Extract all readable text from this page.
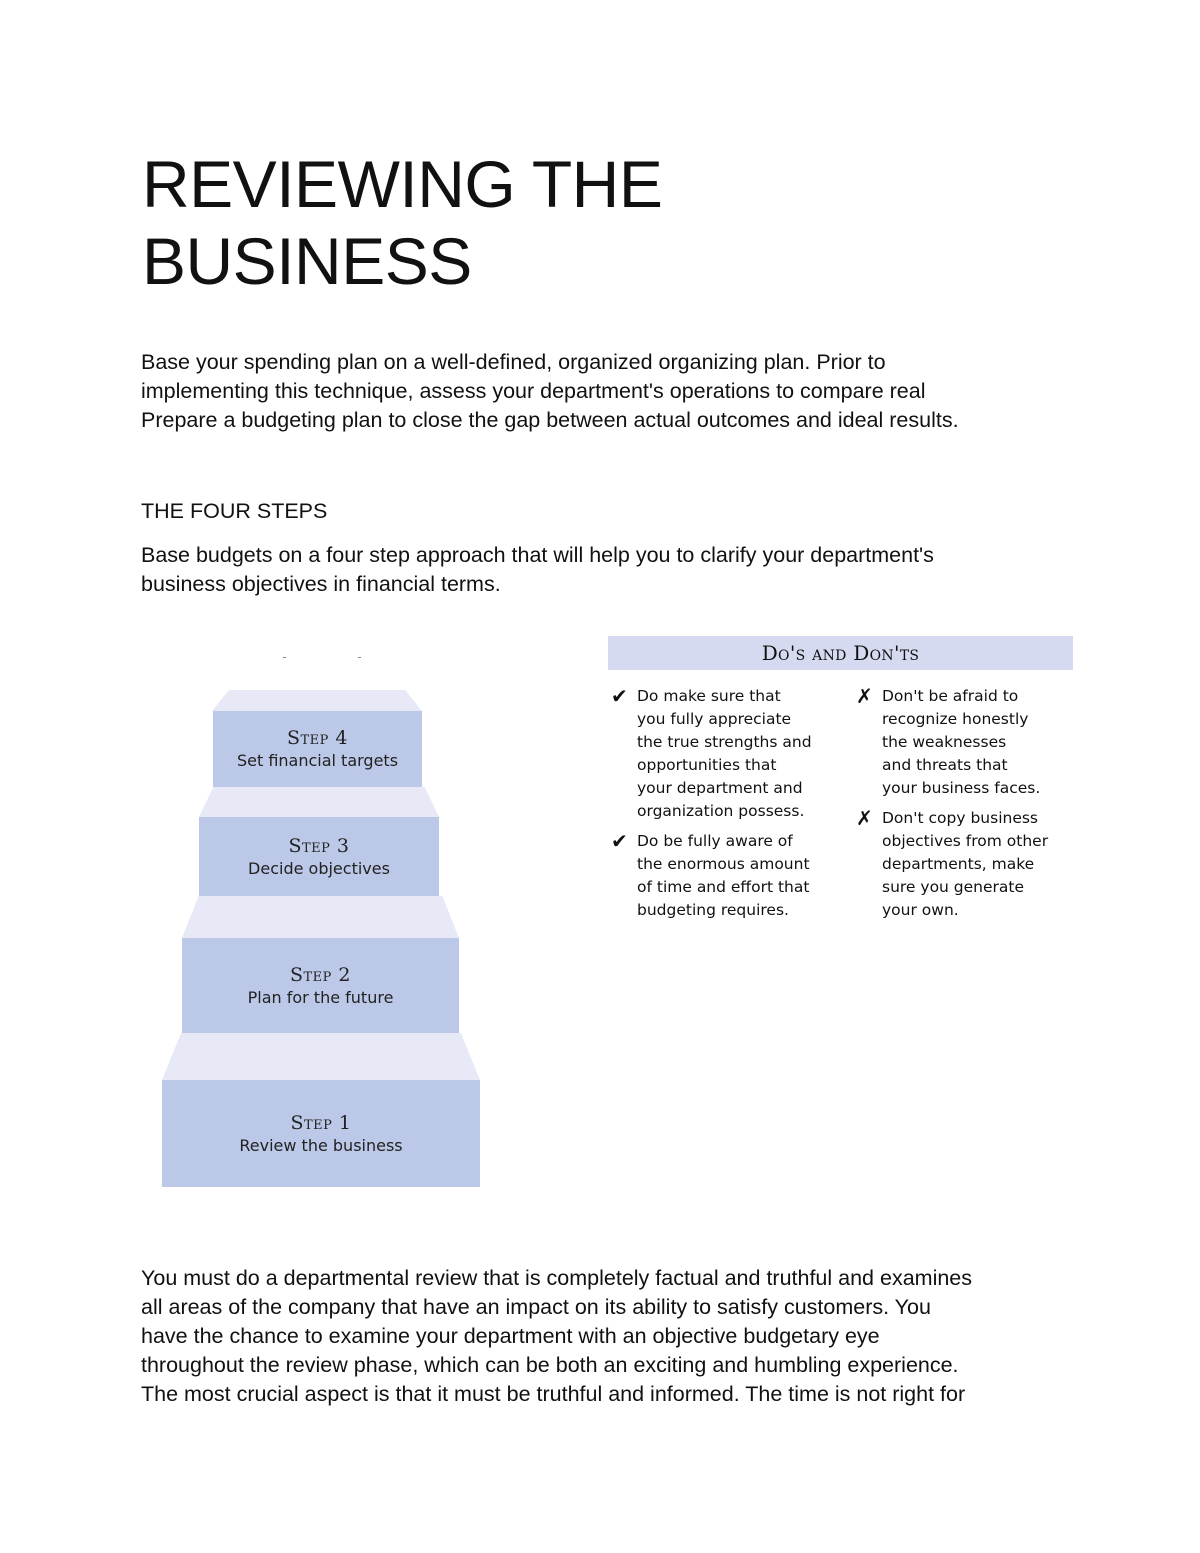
REVIEWING THE
BUSINESS

Base your spending plan on a well-defined, organized organizing plan. Prior to
implementing this technique, assess your department's operations to compare real
Prepare a budgeting plan to close the gap between actual outcomes and ideal results.

THE FOUR STEPS

Base budgets on a four step approach that will help you to clarify your department's
business objectives in financial terms.

Step 4
Set financial targets
Step 3
Decide objectives
Step 2
Plan for the future
Step 1
Review the business
Do's and Don'ts
✔ Do make sure that
you fully appreciate
the true strengths and
opportunities that
your department and
organization possess.
✔ Do be fully aware of
the enormous amount
of time and effort that
budgeting requires.
✗ Don't be afraid to
recognize honestly
the weaknesses
and threats that
your business faces.
✗ Don't copy business
objectives from other
departments, make
sure you generate
your own.

You must do a departmental review that is completely factual and truthful and examines
all areas of the company that have an impact on its ability to satisfy customers. You
have the chance to examine your department with an objective budgetary eye
throughout the review phase, which can be both an exciting and humbling experience.
The most crucial aspect is that it must be truthful and informed. The time is not right for
